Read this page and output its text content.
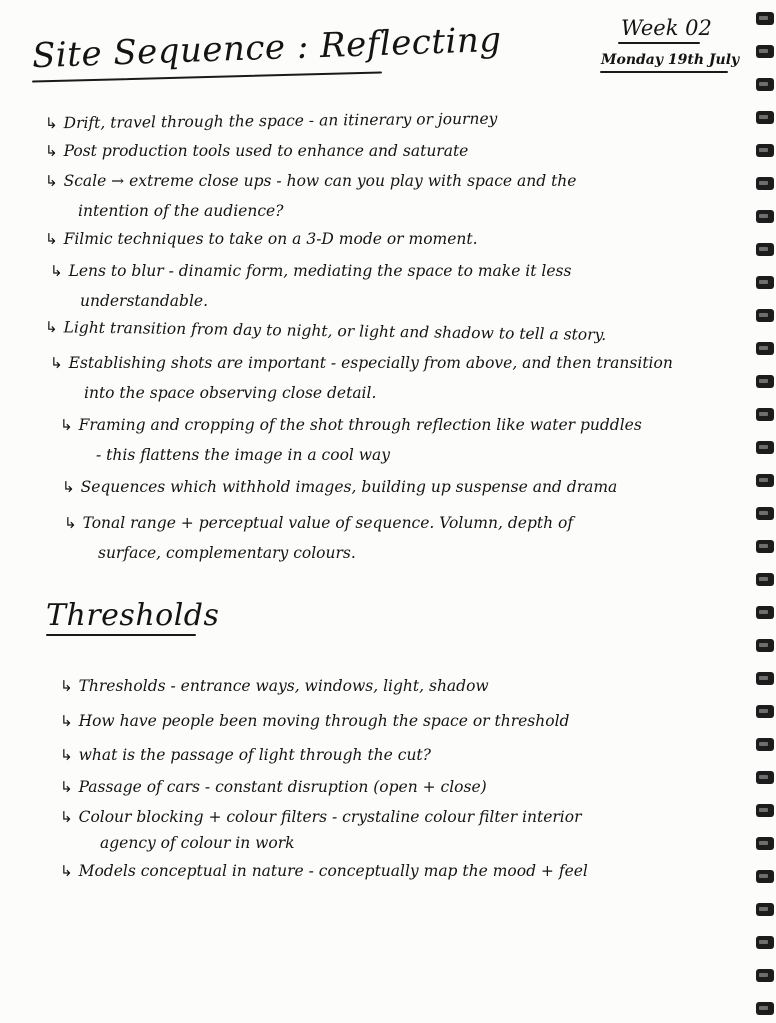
Site Sequence : Reflecting	Week 02
Monday 19th July
↳ Drift, travel through the space - an itinerary or journey
↳ Post production tools used to enhance and saturate
↳ Scale → extreme close ups - how can you play with space and the
intention of the audience?
↳ Filmic techniques to take on a 3-D mode or moment.
↳ Lens to blur - dinamic form, mediating the space to make it less
understandable.
↳ Light transition from day to night, or light and shadow to tell a story.
↳ Establishing shots are important - especially from above, and then transition
into the space observing close detail.
↳ Framing and cropping of the shot through reflection like water puddles
- this flattens the image in a cool way
↳ Sequences which withhold images, building up suspense and drama
↳ Tonal range + perceptual value of sequence. Volumn, depth of
surface, complementary colours.
Thresholds
↳ Thresholds - entrance ways, windows, light, shadow
↳ How have people been moving through the space or threshold
↳ what is the passage of light through the cut?
↳ Passage of cars - constant disruption (open + close)
↳ Colour blocking + colour filters - crystaline colour filter interior
agency of colour in work
↳ Models conceptual in nature - conceptually map the mood + feel
